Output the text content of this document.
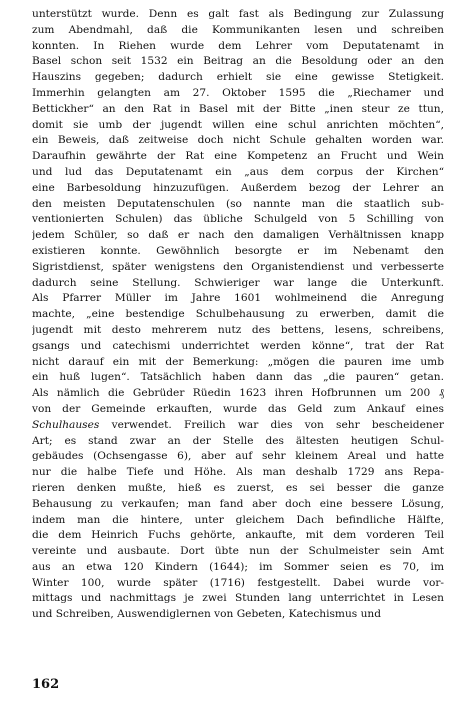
unterstützt wurde. Denn es galt fast als Bedingung zur Zulassung
zum Abendmahl, daß die Kommunikanten lesen und schreiben
konnten. In Riehen wurde dem Lehrer vom Deputatenamt in
Basel schon seit 1532 ein Beitrag an die Besoldung oder an den
Hauszins gegeben; dadurch erhielt sie eine gewisse Stetigkeit.
Immerhin gelangten am 27. Oktober 1595 die „Riechamer und
Bettickher“ an den Rat in Basel mit der Bitte „inen steur ze ttun,
domit sie umb der jugendt willen eine schul anrichten möchten“,
ein Beweis, daß zeitweise doch nicht Schule gehalten worden war.
Daraufhin gewährte der Rat eine Kompetenz an Frucht und Wein
und lud das Deputatenamt ein „aus dem corpus der Kirchen“
eine Barbesoldung hinzuzufügen. Außerdem bezog der Lehrer an
den meisten Deputatenschulen (so nannte man die staatlich sub-
ventionierten Schulen) das übliche Schulgeld von 5 Schilling von
jedem Schüler, so daß er nach den damaligen Verhältnissen knapp
existieren konnte. Gewöhnlich besorgte er im Nebenamt den
Sigristdienst, später wenigstens den Organistendienst und verbesserte
dadurch seine Stellung. Schwieriger war lange die Unterkunft.
Als Pfarrer Müller im Jahre 1601 wohlmeinend die Anregung
machte, „eine bestendige Schulbehausung zu erwerben, damit die
jugendt mit desto mehrerem nutz des bettens, lesens, schreibens,
gsangs und catechismi underrichtet werden könne“, trat der Rat
nicht darauf ein mit der Bemerkung: „mögen die pauren ime umb
ein huß lugen“. Tatsächlich haben dann das „die pauren“ getan.
Als nämlich die Gebrüder Rüedin 1623 ihren Hofbrunnen um 200 ₰
von der Gemeinde erkauften, wurde das Geld zum Ankauf eines
Schulhauses verwendet. Freilich war dies von sehr bescheidener
Art; es stand zwar an der Stelle des ältesten heutigen Schul-
gebäudes (Ochsengasse 6), aber auf sehr kleinem Areal und hatte
nur die halbe Tiefe und Höhe. Als man deshalb 1729 ans Repa-
rieren denken mußte, hieß es zuerst, es sei besser die ganze
Behausung zu verkaufen; man fand aber doch eine bessere Lösung,
indem man die hintere, unter gleichem Dach befindliche Hälfte,
die dem Heinrich Fuchs gehörte, ankaufte, mit dem vorderen Teil
vereinte und ausbaute. Dort übte nun der Schulmeister sein Amt
aus an etwa 120 Kindern (1644); im Sommer seien es 70, im
Winter 100, wurde später (1716) festgestellt. Dabei wurde vor-
mittags und nachmittags je zwei Stunden lang unterrichtet in Lesen
und Schreiben, Auswendiglernen von Gebeten, Katechismus und
162
